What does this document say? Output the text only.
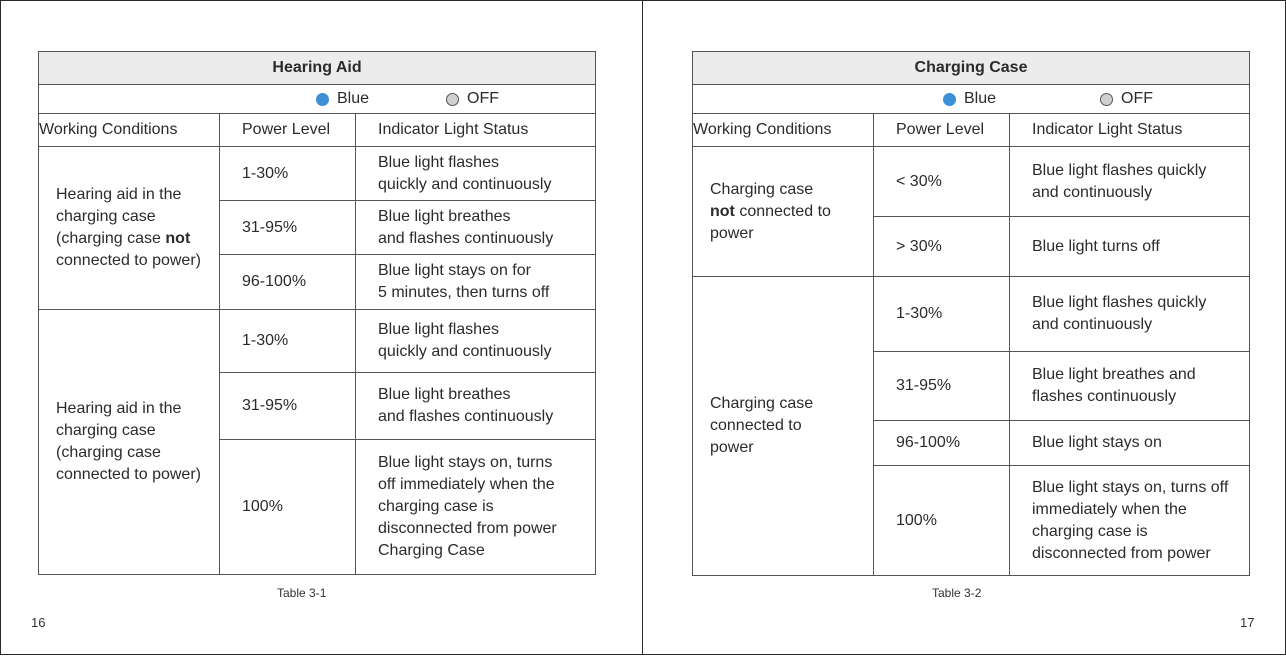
Hearing Aid		

Blue OFF		

Working Conditions	Power Level	Indicator Light Status
Hearing aid in the charging case (charging case not connected to power)	1-30%	Blue light flashes
quickly and continuously

	31-95%	Blue light breathes
and flashes continuously

	96-100%	Blue light stays on for
5 minutes, then turns off

Hearing aid in the charging case (charging case connected to power)	1-30%	Blue light flashes
quickly and continuously

	31-95%	Blue light breathes
and flashes continuously

	100%	Blue light stays on, turns off immediately when the charging case is disconnected from power Charging Case
Table 3-1
16
Charging Case		

Blue OFF		

Working Conditions	Power Level	Indicator Light Status
Charging case not connected to power	< 30%	Blue light flashes quickly and continuously
	> 30%	Blue light turns off
Charging case connected to power	1-30%	Blue light flashes quickly and continuously
	31-95%	Blue light breathes and flashes continuously
	96-100%	Blue light stays on
	100%	Blue light stays on, turns off immediately when the charging case is disconnected from power
Table 3-2
17
